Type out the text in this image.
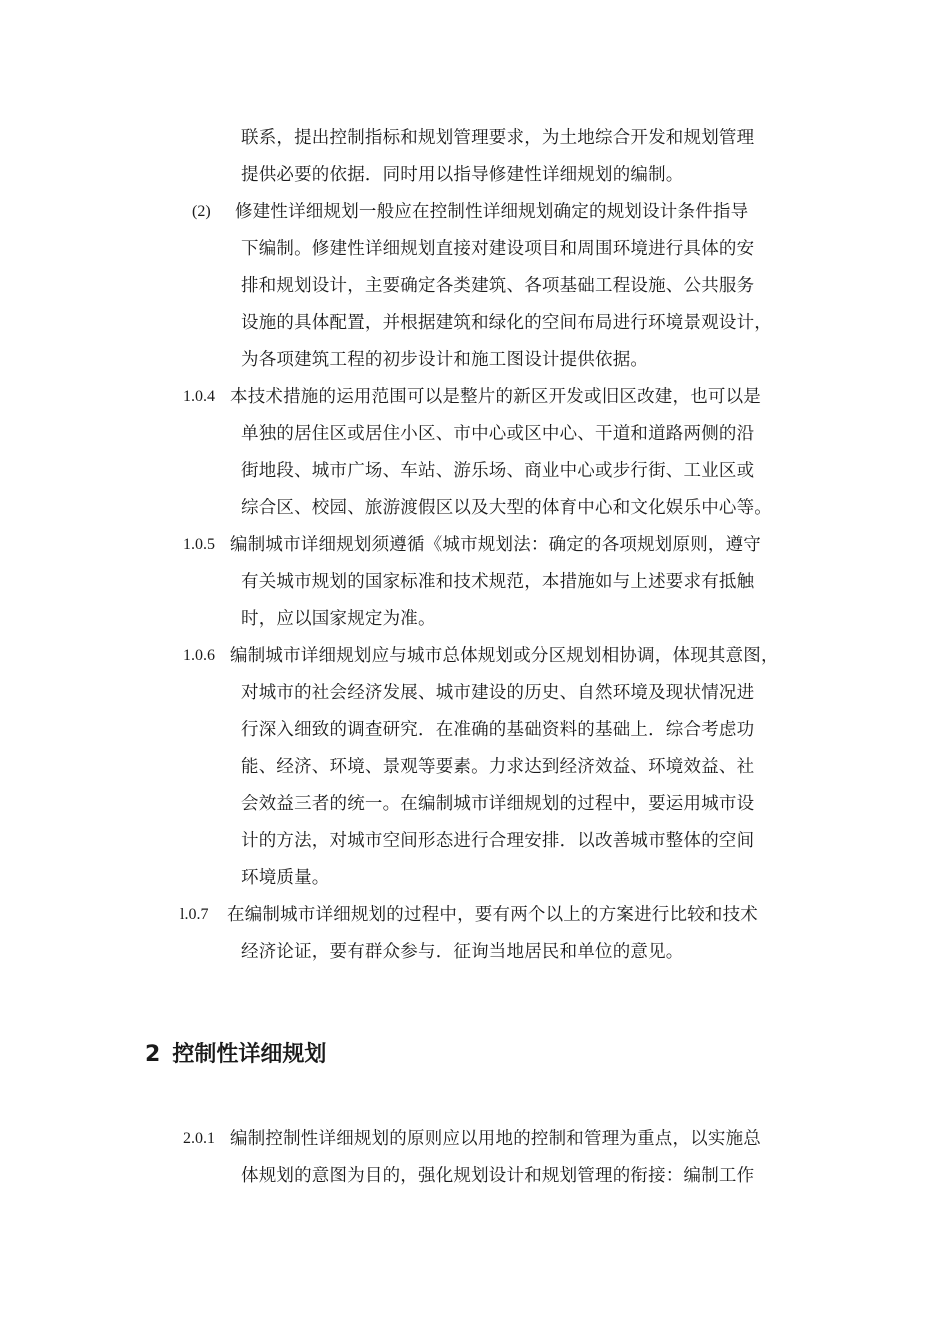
联系，提出控制指标和规划管理要求，为土地综合开发和规划管理
提供必要的依据．同时用以指导修建性详细规划的编制。
(2) 修建性详细规划一般应在控制性详细规划确定的规划设计条件指导
下编制。修建性详细规划直接对建设项目和周围环境进行具体的安
排和规划设计，主要确定各类建筑、各项基础工程设施、公共服务
设施的具体配置，并根据建筑和绿化的空间布局进行环境景观设计，
为各项建筑工程的初步设计和施工图设计提供依据。
1.0.4 本技术措施的运用范围可以是整片的新区开发或旧区改建，也可以是
单独的居住区或居住小区、市中心或区中心、干道和道路两侧的沿
街地段、城市广场、车站、游乐场、商业中心或步行街、工业区或
综合区、校园、旅游渡假区以及大型的体育中心和文化娱乐中心等。
1.0.5 编制城市详细规划须遵循《城市规划法：确定的各项规划原则，遵守
有关城市规划的国家标准和技术规范，本措施如与上述要求有抵触
时，应以国家规定为准。
1.0.6 编制城市详细规划应与城市总体规划或分区规划相协调，体现其意图，
对城市的社会经济发展、城市建设的历史、自然环境及现状情况进
行深入细致的调查研究．在准确的基础资料的基础上．综合考虑功
能、经济、环境、景观等要素。力求达到经济效益、环境效益、社
会效益三者的统一。在编制城市详细规划的过程中，要运用城市设
计的方法，对城市空间形态进行合理安排．以改善城市整体的空间
环境质量。
l.0.7 在编制城市详细规划的过程中，要有两个以上的方案进行比较和技术
经济论证，要有群众参与．征询当地居民和单位的意见。
2 控制性详细规划
2.0.1 编制控制性详细规划的原则应以用地的控制和管理为重点，以实施总
体规划的意图为目的，强化规划设计和规划管理的衔接：编制工作
